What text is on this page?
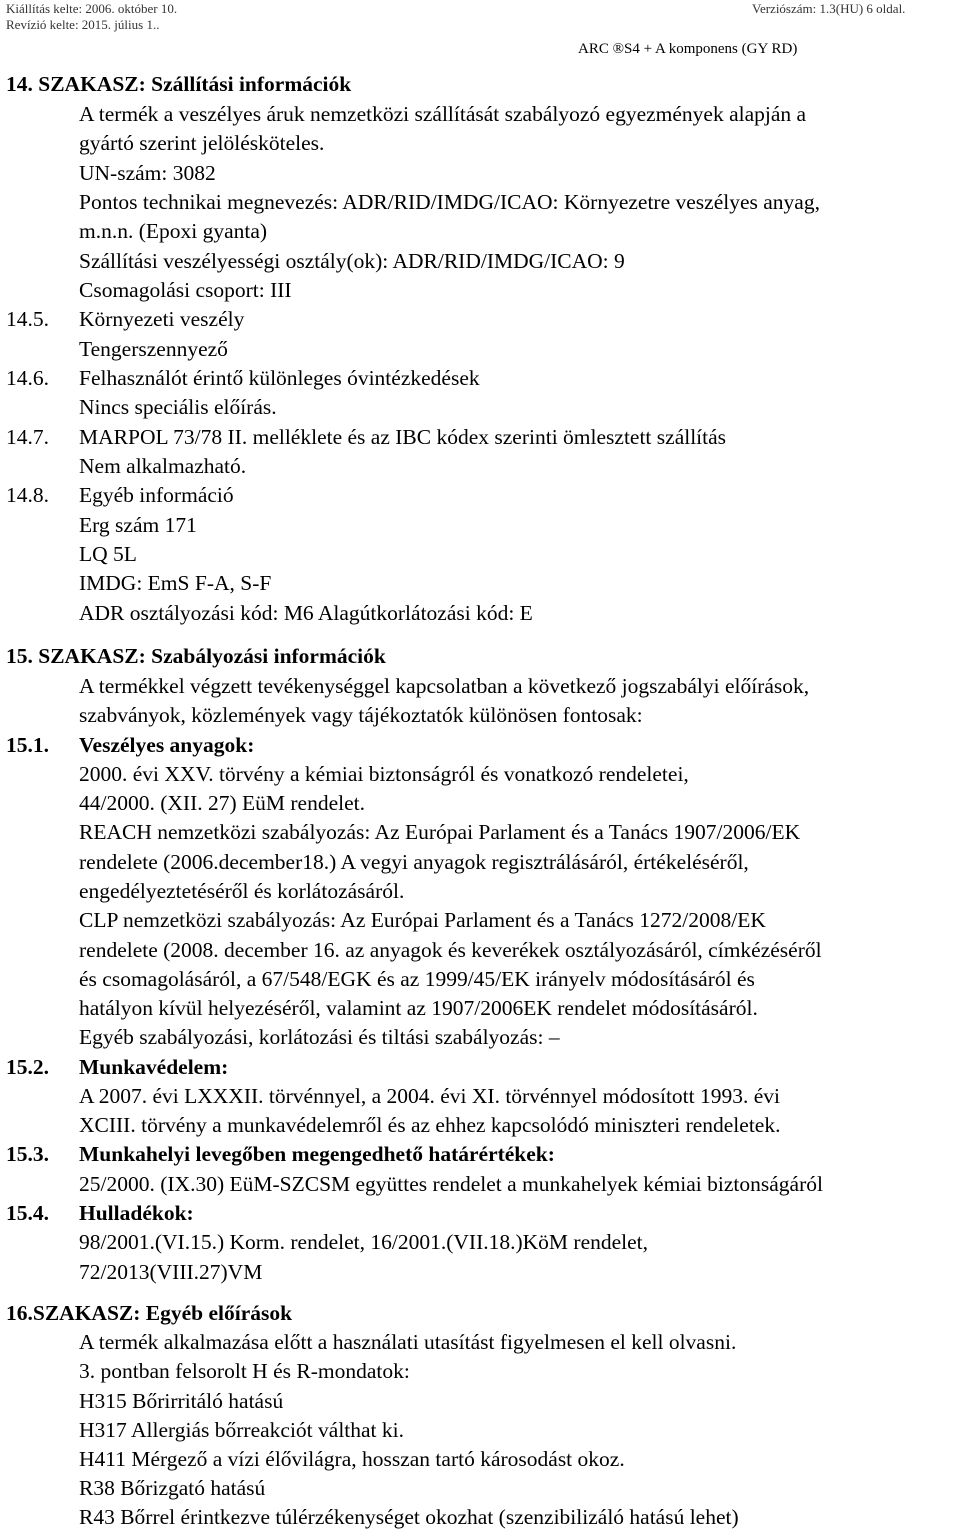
Kiállítás kelte: 2006. október 10.
Revízió kelte: 2015. július 1..
Verziószám: 1.3(HU) 6 oldal.
ARC ®S4 + A komponens (GY RD)
14. SZAKASZ: Szállítási információk
A termék a veszélyes áruk nemzetközi szállítását szabályozó egyezmények alapján a
gyártó szerint jelölésköteles.
UN-szám: 3082
Pontos technikai megnevezés: ADR/RID/IMDG/ICAO: Környezetre veszélyes anyag,
m.n.n. (Epoxi gyanta)
Szállítási veszélyességi osztály(ok): ADR/RID/IMDG/ICAO: 9
Csomagolási csoport: III
14.5. Környezeti veszély
Tengerszennyező
14.6. Felhasználót érintő különleges óvintézkedések
Nincs speciális előírás.
14.7. MARPOL 73/78 II. melléklete és az IBC kódex szerinti ömlesztett szállítás
Nem alkalmazható.
14.8. Egyéb információ
Erg szám 171
LQ 5L
IMDG: EmS F-A, S-F
ADR osztályozási kód: M6 Alagútkorlátozási kód: E
15. SZAKASZ: Szabályozási információk
A termékkel végzett tevékenységgel kapcsolatban a következő jogszabályi előírások,
szabványok, közlemények vagy tájékoztatók különösen fontosak:
15.1. Veszélyes anyagok:
2000. évi XXV. törvény a kémiai biztonságról és vonatkozó rendeletei,
44/2000. (XII. 27) EüM rendelet.
REACH nemzetközi szabályozás: Az Európai Parlament és a Tanács 1907/2006/EK
rendelete (2006.december18.) A vegyi anyagok regisztrálásáról, értékeléséről,
engedélyeztetéséről és korlátozásáról.
CLP nemzetközi szabályozás: Az Európai Parlament és a Tanács 1272/2008/EK
rendelete (2008. december 16. az anyagok és keverékek osztályozásáról, címkézéséről
és csomagolásáról, a 67/548/EGK és az 1999/45/EK irányelv módosításáról és
hatályon kívül helyezéséről, valamint az 1907/2006EK rendelet módosításáról.
Egyéb szabályozási, korlátozási és tiltási szabályozás: –
15.2. Munkavédelem:
A 2007. évi LXXXII. törvénnyel, a 2004. évi XI. törvénnyel módosított 1993. évi
XCIII. törvény a munkavédelemről és az ehhez kapcsolódó miniszteri rendeletek.
15.3. Munkahelyi levegőben megengedhető határértékek:
25/2000. (IX.30) EüM-SZCSM együttes rendelet a munkahelyek kémiai biztonságáról
15.4. Hulladékok:
98/2001.(VI.15.) Korm. rendelet, 16/2001.(VII.18.)KöM rendelet,
72/2013(VIII.27)VM
16.SZAKASZ: Egyéb előírások
A termék alkalmazása előtt a használati utasítást figyelmesen el kell olvasni.
3. pontban felsorolt H és R-mondatok:
H315 Bőrirritáló hatású
H317 Allergiás bőrreakciót válthat ki.
H411 Mérgező a vízi élővilágra, hosszan tartó károsodást okoz.
R38 Bőrizgató hatású
R43 Bőrrel érintkezve túlérzékenységet okozhat (szenzibilizáló hatású lehet)
